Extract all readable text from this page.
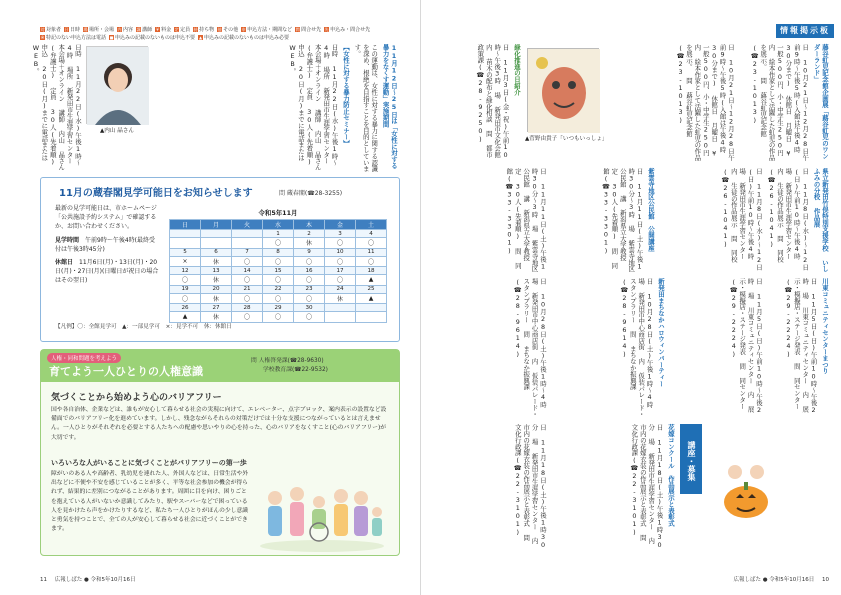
対 対象者 日 日時 場 場所・会場 内 内容 講 講師 ¥ 料金 定 定員 持 持ち物 他 その他 申 申込方法・期間など 問 問合せ先 先 申込み・問合せ先※ 特記のない申込方法は電話 ■ 申込みの記載のないものは申込不要 ▲ 申込みの記載のないものは申込み必要

11月12日～25日は「女性に対する暴力をなくす運動」実施期間

この運動は、女性に対する暴力に関する認識を深め、根絶を目指すことを目的としています。

【女性に対する暴力防止セミナー】

日時 11月22日(水)午後1時～4時 場所 新発田市生涯学習センター 本会場＋オンライン 講師 内山 晶さん(弁護士) 定員 30人(先着順) 申込 20日(月)までに電話またはWEB。

▲内山 晶さん

日時 11月22日(水)午後1時～4時 場所 新発田市生涯学習センター 本会場＋オンライン 講師 内山 晶さん(弁護士) 定員 30人(先着順) 申込 20日(月)までに電話またはWEB。

11月の蔵春閣見学可能日をお知らせします	問 蔵春閣(☎28-3255)
最新の見学可能日は、市ホームページ「公共施設予約システム」で確認するか、お問い合わせください。
見学時間　 午前9時～午後4時(最終受付は午後3時45分)
休館日　 11月6日(月)・13日(月)・20日(月)・27日(月)(日曜日が祝日の場合はその翌日)
令和5年11月
日	月	火	水	木	金	土
			1	2	3	4
			〇	休	〇	〇
5	6	7	8	9	10	11
×	休	〇	〇	〇	〇	〇
12	13	14	15	16	17	18
〇	休	〇	〇	〇	〇	▲
19	20	21	22	23	24	25
〇	休	〇	〇	〇	休	▲
26	27	28	29	30		
▲	休	〇	〇	〇		
【凡例】〇：全館見学可　▲：一部見学可　×：見学不可　休：休館日
人権・同和問題を考えよう
育てよう一人ひとりの人権意識
問 人権啓発課(☎28-9630)
学校教育課(☎22-9532)
気づくことから始めよう心のバリアフリー
国や各自治体、企業などは、誰もが安心して暮らせる社会の実現に向けて、エレベーター、点字ブロック、案内表示の設置など設備面でのバリアフリー化を進めています。しかし、残念ながらそれらの対策だけでは十分な支援につながっているとは言えません。一人ひとりがそれぞれを必要とする人たちへの配慮や思いやりの心を持った、心のバリアをなくすこと(心のバリアフリー)が大切です。
いろいろな人がいることに気づくことがバリアフリーの第一歩
障がいのある人や高齢者、乳幼児を連れた人、外国人などは、日常生活や外出などに不便や不安を感じていることが多く、平等な社会参加の機会が得られず、結果的に差別につながることがあります。周囲に目を向け、困りごとを抱えている人がいないか意識してみたり、駅やスーパーなどで困っている人を見かけたら声をかけたりするなど、私たち一人ひとりがほんの少し意識と勇気を持つことで、全ての人が安心して暮らせる社会に近づくことができます。
11 広報しばた ● 令和5年10月16日
情報掲示板

藤谷虹児記念館企画展「蕗谷虹児のワンダーランド」

日 10月21日～12月28日午前9時～午後5時(入館は午後4時30分まで) 休館日 月曜日 ¥ 一般500円、小・中学生250円 内 絵本作家として活躍した虹児の作品を展示。 問 蕗谷虹児記念館(☎23-1013)

日 10月21日～12月28日午前9時～午後5時(入館は午後4時30分まで) 休館日 月曜日 ¥ 一般500円、小・中学生250円 内 絵本作家として活躍した虹児の作品を展示。 問 蕗谷虹児記念館(☎23-1013)

▲菅野由貴子「いつもいっしょ」

緑化推進の日紹介

日 11月3日(金・祝)午前10時～午後3時 場 新発田市文化会館 内 苗木の配布と緑化相談 問 都市政策課(☎28-9250)

県立新発田竹俣特別支援学校 いしふみの分校 作品展

日 11月8日(水)～12日(日)午前10時～午後4時 場 新発田市生涯学習センター 内 生徒の作品展示 問 同校(☎26-1041)

日 11月8日(水)～12日(日)午前10時～午後4時 場 新発田市生涯学習センター 内 生徒の作品展示 問 同校(☎26-1041)

紫雲寺地区公民館　公開講座

日 11月11日(土)午後1時30分～3時 場 紫雲寺地区公民館 講 新潟県立大学教授 定 30人(先着順) 問 同館(☎33-3301)

日 11月11日(土)午後1時30分～3時 場 紫雲寺地区公民館 講 新潟県立大学教授 定 30人(先着順) 問 同館(☎33-3301)

川東コミュニティセンターまつり

日 11月5日(日)午前10時～午後2時 場 川東コミュニティセンター 内 展示・模擬店・ステージ発表 問 同センター(☎29-2224)

日 11月5日(日)午前10時～午後2時 場 川東コミュニティセンター 内 展示・模擬店・ステージ発表 問 同センター(☎29-2224)

新発田まちなかハロウィンパーティー

日 10月28日(土)午後1時～4時 場 新発田市中心商店街 内 仮装パレード・スタンプラリー 問 まちなか振興課(☎28-9614)

日 10月28日(土)午後1時～4時 場 新発田市中心商店街 内 仮装パレード・スタンプラリー 問 まちなか振興課(☎28-9614)

講座・募集

花嫁コンクール　作品展示と表彰式

日 11月18日(土)午後1時30分 場 新発田市生涯学習センター 内 市内の花嫁衣装の作品展示と表彰式 問 文化行政課(☎22-3101)

日 11月18日(土)午後1時30分 場 新発田市生涯学習センター 内 市内の花嫁衣装の作品展示と表彰式 問 文化行政課(☎22-3101)

広報しばた ● 令和5年10月16日 10
